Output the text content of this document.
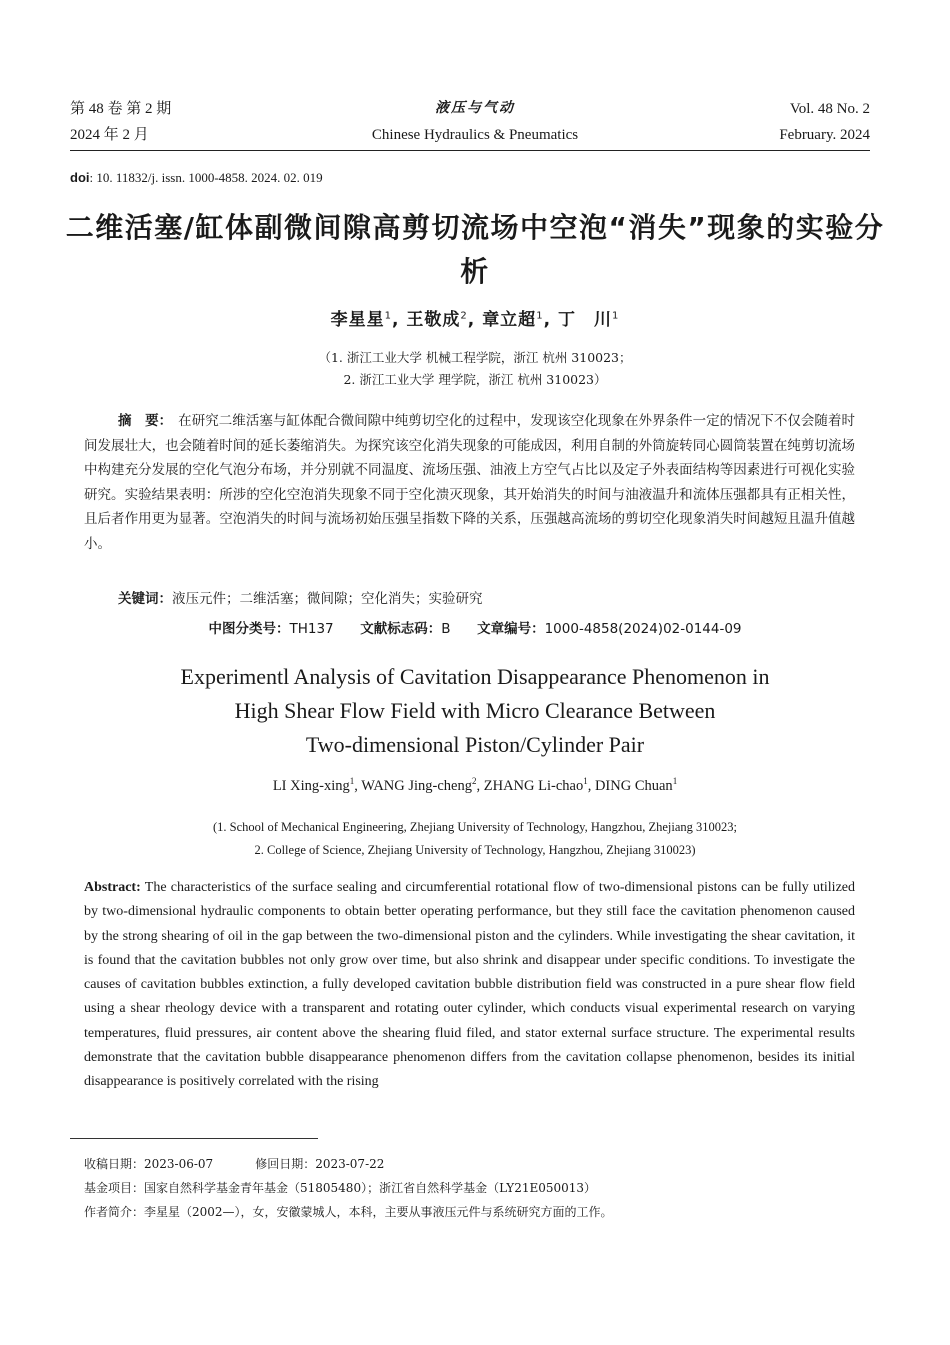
第 48 卷 第 2 期
2024 年 2 月
液压与气动
Chinese Hydraulics & Pneumatics
Vol. 48 No. 2
February. 2024
doi: 10. 11832/j. issn. 1000-4858. 2024. 02. 019
二维活塞/缸体副微间隙高剪切流场中空泡“消失”现象的实验分析
李星星$^1$, 王敬成$^2$, 章立超$^1$, 丁　川$^1$
（1. 浙江工业大学 机械工程学院，浙江 杭州 310023；
2. 浙江工业大学 理学院，浙江 杭州 310023）
摘　要： 在研究二维活塞与缸体配合微间隙中纯剪切空化的过程中，发现该空化现象在外界条件一定的情况下不仅会随着时间发展壮大，也会随着时间的延长萎缩消失。为探究该空化消失现象的可能成因，利用自制的外筒旋转同心圆筒装置在纯剪切流场中构建充分发展的空化气泡分布场，并分别就不同温度、流场压强、油液上方空气占比以及定子外表面结构等因素进行可视化实验研究。实验结果表明：所涉的空化空泡消失现象不同于空化溃灭现象，其开始消失的时间与油液温升和流体压强都具有正相关性，且后者作用更为显著。空泡消失的时间与流场初始压强呈指数下降的关系，压强越高流场的剪切空化现象消失时间越短且温升值越小。
关键词：液压元件；二维活塞；微间隙；空化消失；实验研究
中图分类号：TH137 文献标志码：B 文章编号：1000-4858(2024)02-0144-09
Experimentl Analysis of Cavitation Disappearance Phenomenon in
High Shear Flow Field with Micro Clearance Between
Two-dimensional Piston/Cylinder Pair
LI Xing-xing$^1$, WANG Jing-cheng$^2$, ZHANG Li-chao$^1$, DING Chuan$^1$
(1. School of Mechanical Engineering, Zhejiang University of Technology, Hangzhou, Zhejiang 310023;
2. College of Science, Zhejiang University of Technology, Hangzhou, Zhejiang 310023)
Abstract: The characteristics of the surface sealing and circumferential rotational flow of two-dimensional pistons can be fully utilized by two-dimensional hydraulic components to obtain better operating performance, but they still face the cavitation phenomenon caused by the strong shearing of oil in the gap between the two-dimensional piston and the cylinders. While investigating the shear cavitation, it is found that the cavitation bubbles not only grow over time, but also shrink and disappear under specific conditions. To investigate the causes of cavitation bubbles extinction, a fully developed cavitation bubble distribution field was constructed in a pure shear flow field using a shear rheology device with a transparent and rotating outer cylinder, which conducts visual experimental research on varying temperatures, fluid pressures, air content above the shearing fluid filed, and stator external surface structure. The experimental results demonstrate that the cavitation bubble disappearance phenomenon differs from the cavitation collapse phenomenon, besides its initial disappearance is positively correlated with the rising
收稿日期：2023-06-07	修回日期：2023-07-22
基金项目：国家自然科学基金青年基金（51805480）；浙江省自然科学基金（LY21E050013）
作者简介：李星星（2002—），女，安徽蒙城人，本科，主要从事液压元件与系统研究方面的工作。
